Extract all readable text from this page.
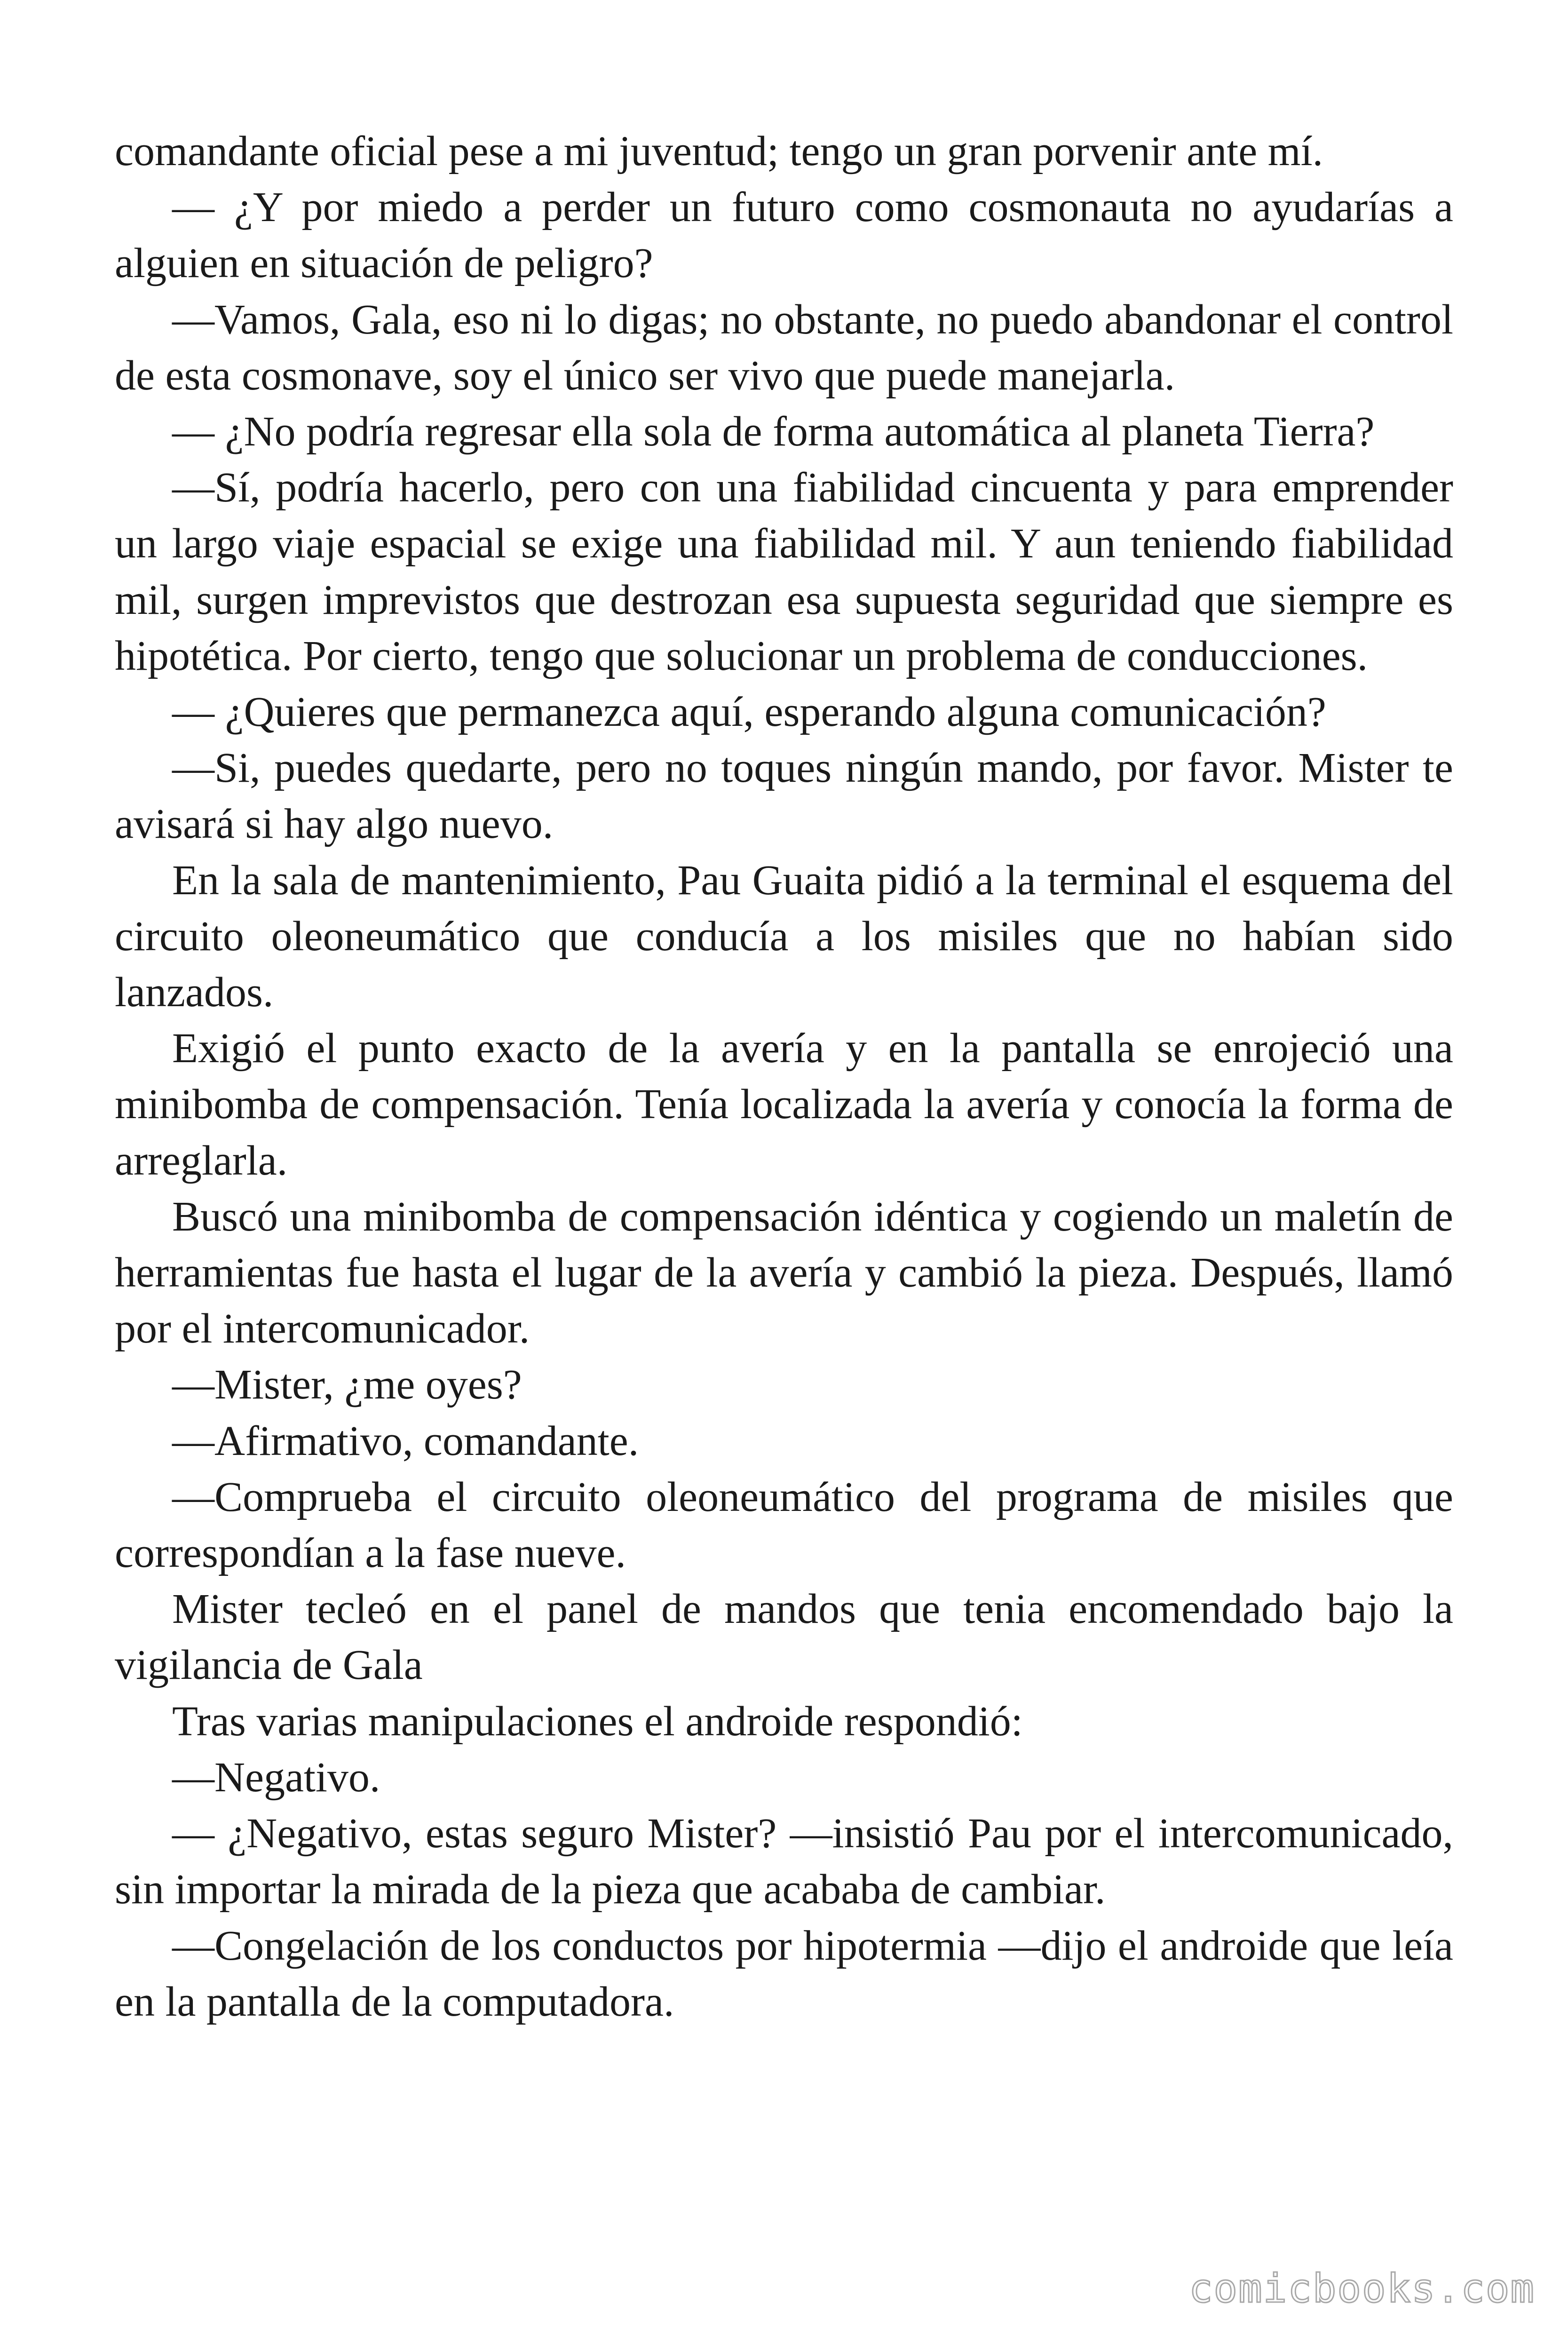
comandante oficial pese a mi juventud; tengo un gran porvenir ante mí.

— ¿Y por miedo a perder un futuro como cosmonauta no ayudarías a alguien en situación de peligro?

—Vamos, Gala, eso ni lo digas; no obstante, no puedo abandonar el control de esta cosmonave, soy el único ser vivo que puede manejarla.

— ¿No podría regresar ella sola de forma automática al planeta Tierra?

—Sí, podría hacerlo, pero con una fiabilidad cincuenta y para emprender un largo viaje espacial se exige una fiabilidad mil. Y aun teniendo fiabilidad mil, surgen imprevistos que destrozan esa supuesta seguridad que siempre es hipotética. Por cierto, tengo que solucionar un problema de conducciones.

— ¿Quieres que permanezca aquí, esperando alguna comunicación?

—Si, puedes quedarte, pero no toques ningún mando, por favor. Mister te avisará si hay algo nuevo.

En la sala de mantenimiento, Pau Guaita pidió a la terminal el esquema del circuito oleoneumático que conducía a los misiles que no habían sido lanzados.

Exigió el punto exacto de la avería y en la pantalla se enrojeció una minibomba de compensación. Tenía localizada la avería y conocía la forma de arreglarla.

Buscó una minibomba de compensación idéntica y cogiendo un maletín de herramientas fue hasta el lugar de la avería y cambió la pieza. Después, llamó por el intercomunicador.

—Mister, ¿me oyes?

—Afirmativo, comandante.

—Comprueba el circuito oleoneumático del programa de misiles que correspondían a la fase nueve.

Mister tecleó en el panel de mandos que tenia encomendado bajo la vigilancia de Gala

Tras varias manipulaciones el androide respondió:

—Negativo.

— ¿Negativo, estas seguro Mister? —insistió Pau por el intercomunicado, sin importar la mirada de la pieza que acababa de cambiar.

—Congelación de los conductos por hipotermia —dijo el androide que leía en la pantalla de la computadora.

comicbooks.com
